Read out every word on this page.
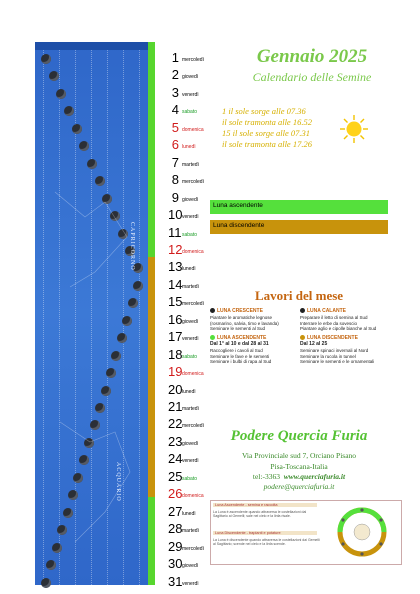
CAPRICORNO
ACQUARIO
1 mercoledì
2 giovedì
3 venerdì
4 sabato
5 domenica
6 lunedì
7 martedì
8 mercoledì
9 giovedì
10 venerdì
11 sabato
12 domenica
13 lunedì
14 martedì
15 mercoledì
16 giovedì
17 venerdì
18 sabato
19 domenica
20 lunedì
21 martedì
22 mercoledì
23 giovedì
24 venerdì
25 sabato
26 domenica
27 lunedì
28 martedì
29 mercoledì
30 giovedì
31 venerdì
Gennaio 2025
Calendario delle Semine
1 il sole sorge alle 07.36
il sole tramonta alle 16.52
15 il sole sorge alle 07.31
il sole tramonta alle 17.26
Luna ascendente
Luna discendente
Lavori del mese
LUNA CRESCENTE
Piantare le aromatiche legnose
(rosmarino, salvia, timo e lavanda)
Seminare le sementi al Sud
LUNA ASCENDENTE
Dal 1° al 10 e dal 28 al 31
Raccogliere i cavoli al Sud
Seminare le fave e le sementi
Seminare i bulbi di rapa al Sud
LUNA CALANTE
Preparare il letto di semina al Sud
Interrare le erbe da sovescio
Piantare aglio e cipolle bianche al Sud
LUNA DISCENDENTE
Dal 12 al 25
Seminare spinaci invernali al Nord
Seminare la rucola in tunnel
Seminare le sementi e le ornamentali
Podere Quercia Furia
Via Provinciale sud 7, Orciano Pisano
Pisa-Toscana-Italia
tel:-3363 www.querciafuria.it
podere@querciafuria.it
Luna Ascendente - semina e raccolta
La Luna è ascendente quando attraversa le costellazioni dal Sagittario ai Gemelli; sale nel cielo e la linfa risale.
Luna Discendente - trapianti e potature
La Luna è discendente quando attraversa le costellazioni dai Gemelli al Sagittario; scende nel cielo e la linfa scende.
